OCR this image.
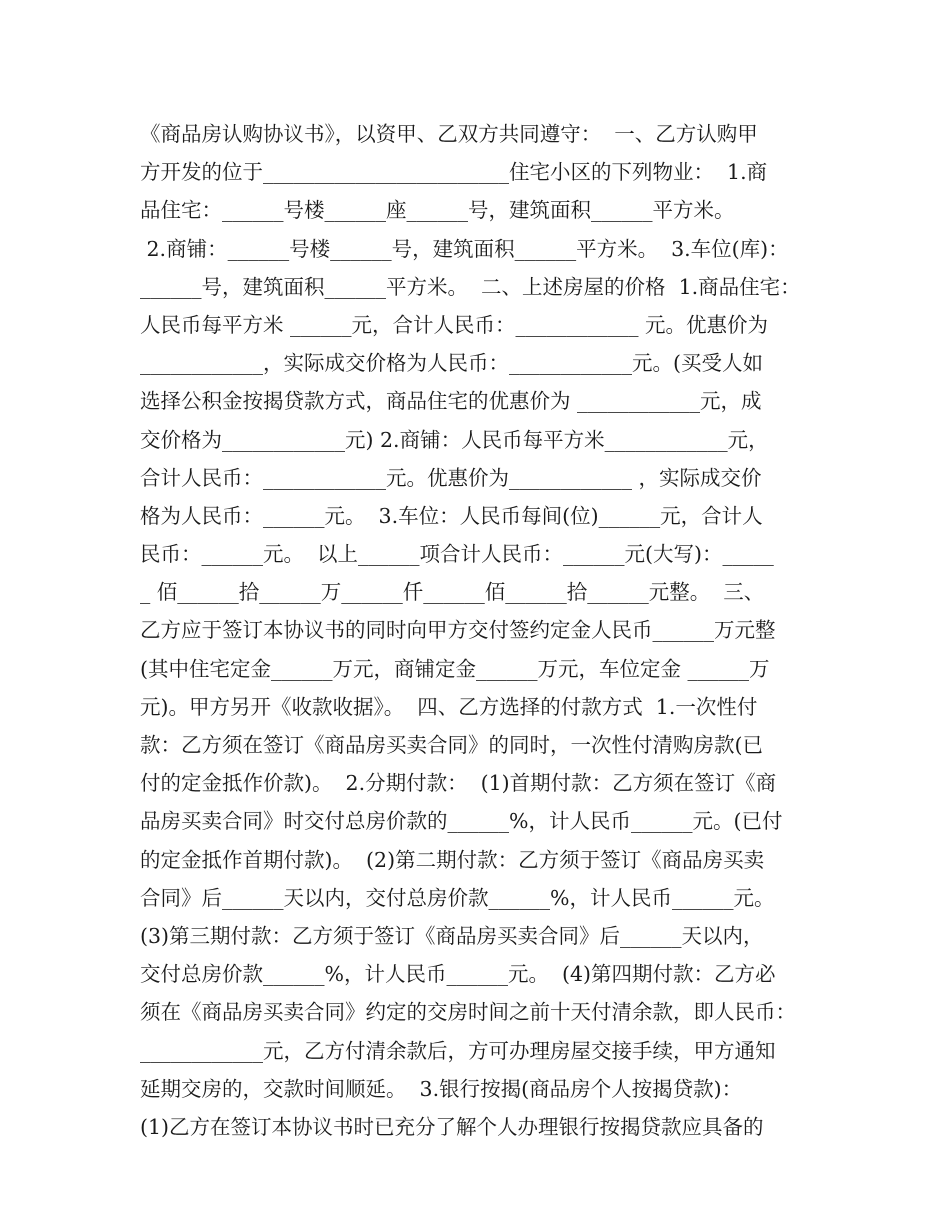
《商品房认购协议书》，以资甲、乙双方共同遵守：  一、乙方认购甲
方开发的位于________________________住宅小区的下列物业：  1.商
品住宅：______号楼______座______号，建筑面积______平方米。
2.商铺：______号楼______号，建筑面积______平方米。  3.车位(库)：
______号，建筑面积______平方米。  二、上述房屋的价格  1.商品住宅：
人民币每平方米 ______元，合计人民币：____________ 元。优惠价为
____________，实际成交价格为人民币：____________元。(买受人如
选择公积金按揭贷款方式，商品住宅的优惠价为 ____________元，成
交价格为____________元) 2.商铺：人民币每平方米____________元，
合计人民币：____________元。优惠价为____________ ，实际成交价
格为人民币：______元。  3.车位：人民币每间(位)______元，合计人
民币：______元。  以上______项合计人民币：______元(大写)：_____
_ 佰______拾______万______仟______佰______拾______元整。  三、
乙方应于签订本协议书的同时向甲方交付签约定金人民币______万元整
(其中住宅定金______万元，商铺定金______万元，车位定金 ______万
元)。甲方另开《收款收据》。  四、乙方选择的付款方式  1.一次性付
款：乙方须在签订《商品房买卖合同》的同时，一次性付清购房款(已
付的定金抵作价款)。  2.分期付款：  (1)首期付款：乙方须在签订《商
品房买卖合同》时交付总房价款的______%，计人民币______元。(已付
的定金抵作首期付款)。  (2)第二期付款：乙方须于签订《商品房买卖
合同》后______天以内，交付总房价款______%，计人民币______元。
(3)第三期付款：乙方须于签订《商品房买卖合同》后______天以内，
交付总房价款______%，计人民币______元。  (4)第四期付款：乙方必
须在《商品房买卖合同》约定的交房时间之前十天付清余款，即人民币：
____________元，乙方付清余款后，方可办理房屋交接手续，甲方通知
延期交房的，交款时间顺延。  3.银行按揭(商品房个人按揭贷款)：
(1)乙方在签订本协议书时已充分了解个人办理银行按揭贷款应具备的
